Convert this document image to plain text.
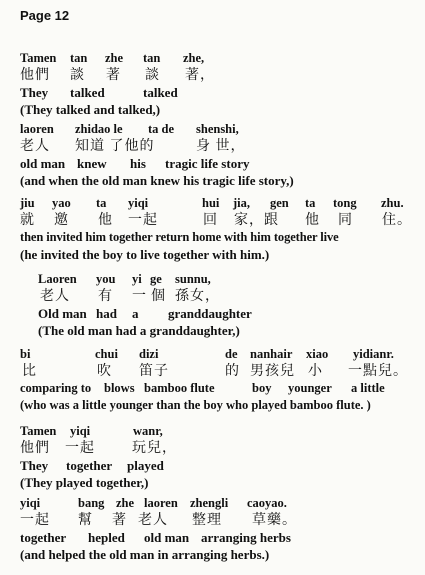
Page 12
Tamen tan zhe tan zhe,
他們 談 著 談 著，
They talked	talked
(They talked and talked,)
laoren zhidao le ta de shenshi,
老人 知道 了他的	身 世，
old man knew his tragic life story
(and when the old man knew his tragic life story,)
jiu yao ta yiqi	hui jia, gen ta tong zhu.
就 邀 他 一起	回 家，跟 他 同 住。
then invited him together return home with him together live
(he invited the boy to live together with him.)
Laoren you yi ge sunnu,
老人 有 一 個 孫女，
Old man had a granddaughter
(The old man had a granddaughter,)
bi	chui dizi	de nanhair xiao yidianr.
比	吹 笛子	的 男孩兒 小 一點兒。
comparing to blows bamboo flute	boy younger a little
(who was a little younger than the boy who played bamboo flute. )
Tamen yiqi	wanr,
他們 一起	玩兒，
They together played
(They played together,)
yiqi	bang zhe laoren zhengli caoyao.
一起 幫 著 老人 整理 草藥。
together hepled old man arranging herbs
(and helped the old man in arranging herbs.)
